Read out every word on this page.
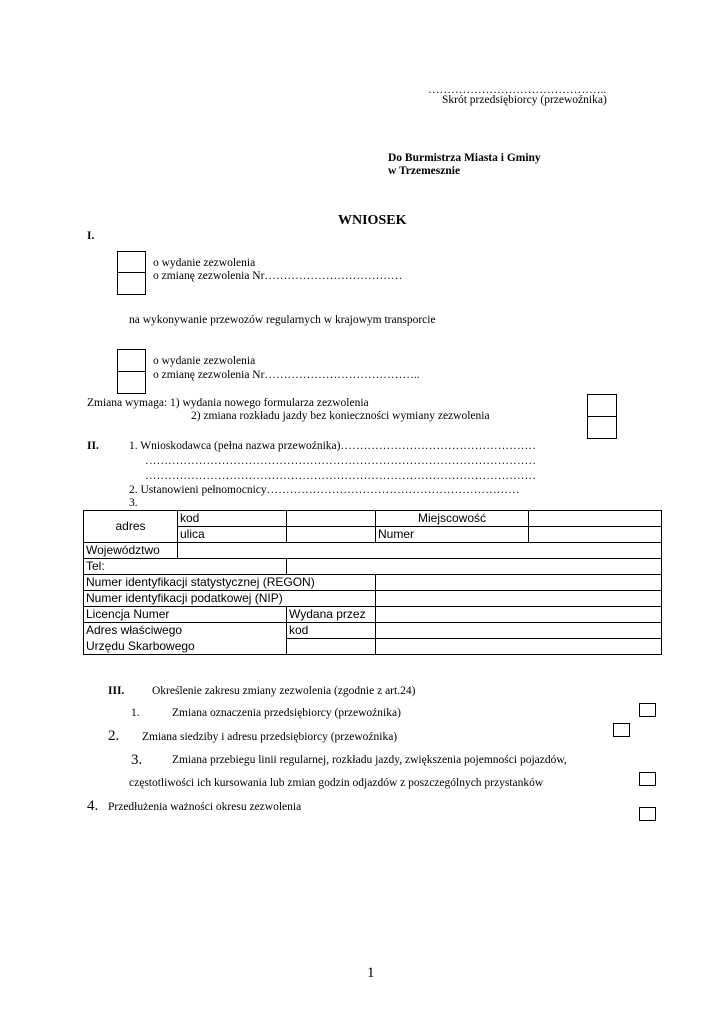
………………………………………..
Skrót przedsiębiorcy (przewoźnika)
Do Burmistrza Miasta i Gminy
w Trzemesznie
WNIOSEK
I.
o wydanie zezwolenia
o zmianę zezwolenia Nr………………………………
na wykonywanie przewozów regularnych w krajowym transporcie
o wydanie zezwolenia
o zmianę zezwolenia Nr…………………………………..
Zmiana wymaga: 1) wydania nowego formularza zezwolenia
2) zmiana rozkładu jazdy bez konieczności wymiany zezwolenia
II.	1. Wnioskodawca (pełna nazwa przewoźnika)……………………………………………
…………………………………………………………………………………………
…………………………………………………………………………………………
2. Ustanowieni pełnomocnicy…………………………………………………………
3.
adres	kod		Miejscowość	
	ulica		Numer	
Województwo			
Tel:			
Numer identyfikacji statystycznej (REGON)			
Numer identyfikacji podatkowej (NIP)			
Licencja Numer		Wydana przez	
Adres właściwego		kod	
Urzędu Skarbowego			
III. Określenie zakresu zmiany zezwolenia (zgodnie z art.24)
1.	Zmiana oznaczenia przedsiębiorcy (przewoźnika)
2. Zmiana siedziby i adresu przedsiębiorcy (przewoźnika)
3.	Zmiana przebiegu linii regularnej, rozkładu jazdy, zwiększenia pojemności pojazdów,
częstotliwości ich kursowania lub zmian godzin odjazdów z poszczególnych przystanków
4. Przedłużenia ważności okresu zezwolenia
1
